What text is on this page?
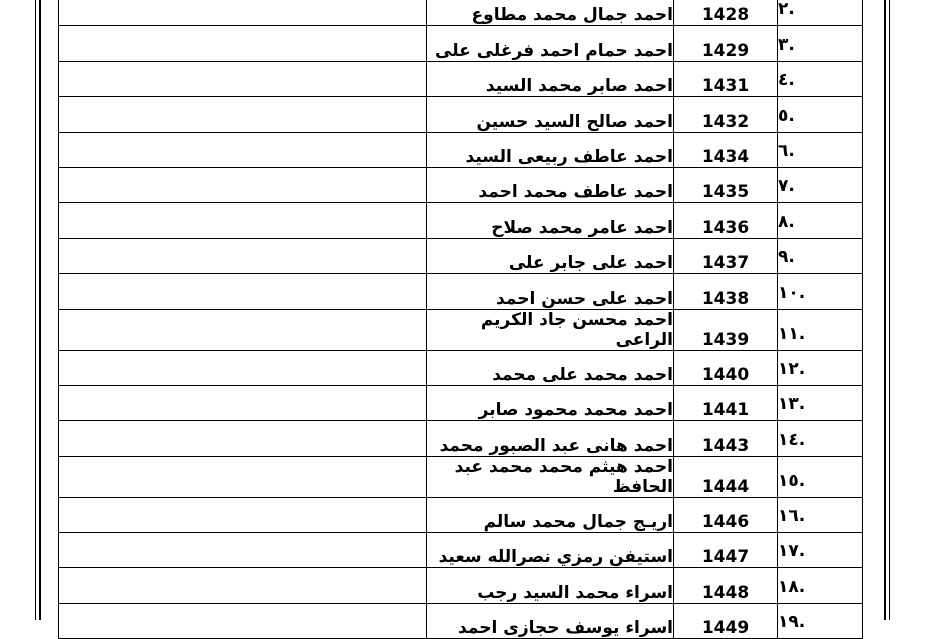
.٢	1428	احمد جمال محمد مطاوع	
.٣	1429	احمد حمام احمد فرغلى على	
.٤	1431	احمد صابر محمد السيد	
.٥	1432	احمد صالح السيد حسين	
.٦	1434	احمد عاطف ربيعى السيد	
.٧	1435	احمد عاطف محمد احمد	
.٨	1436	احمد عامر محمد صلاح	
.٩	1437	احمد على جابر على	
.١٠	1438	احمد على حسن احمد	
.١١	1439	احمد محسن جاد الكريم الراعى	
.١٢	1440	احمد محمد على محمد	
.١٣	1441	احمد محمد محمود صابر	
.١٤	1443	احمد هانى عبد الصبور محمد	
.١٥	1444	احمد هيثم محمد محمد عبد الحافظ	
.١٦	1446	اريـج جمال محمد سالم	
.١٧	1447	استيفن رمزي نصرالله سعيد	
.١٨	1448	اسراء محمد السيد رجب	
.١٩	1449	اسراء يوسف حجازى احمد	
